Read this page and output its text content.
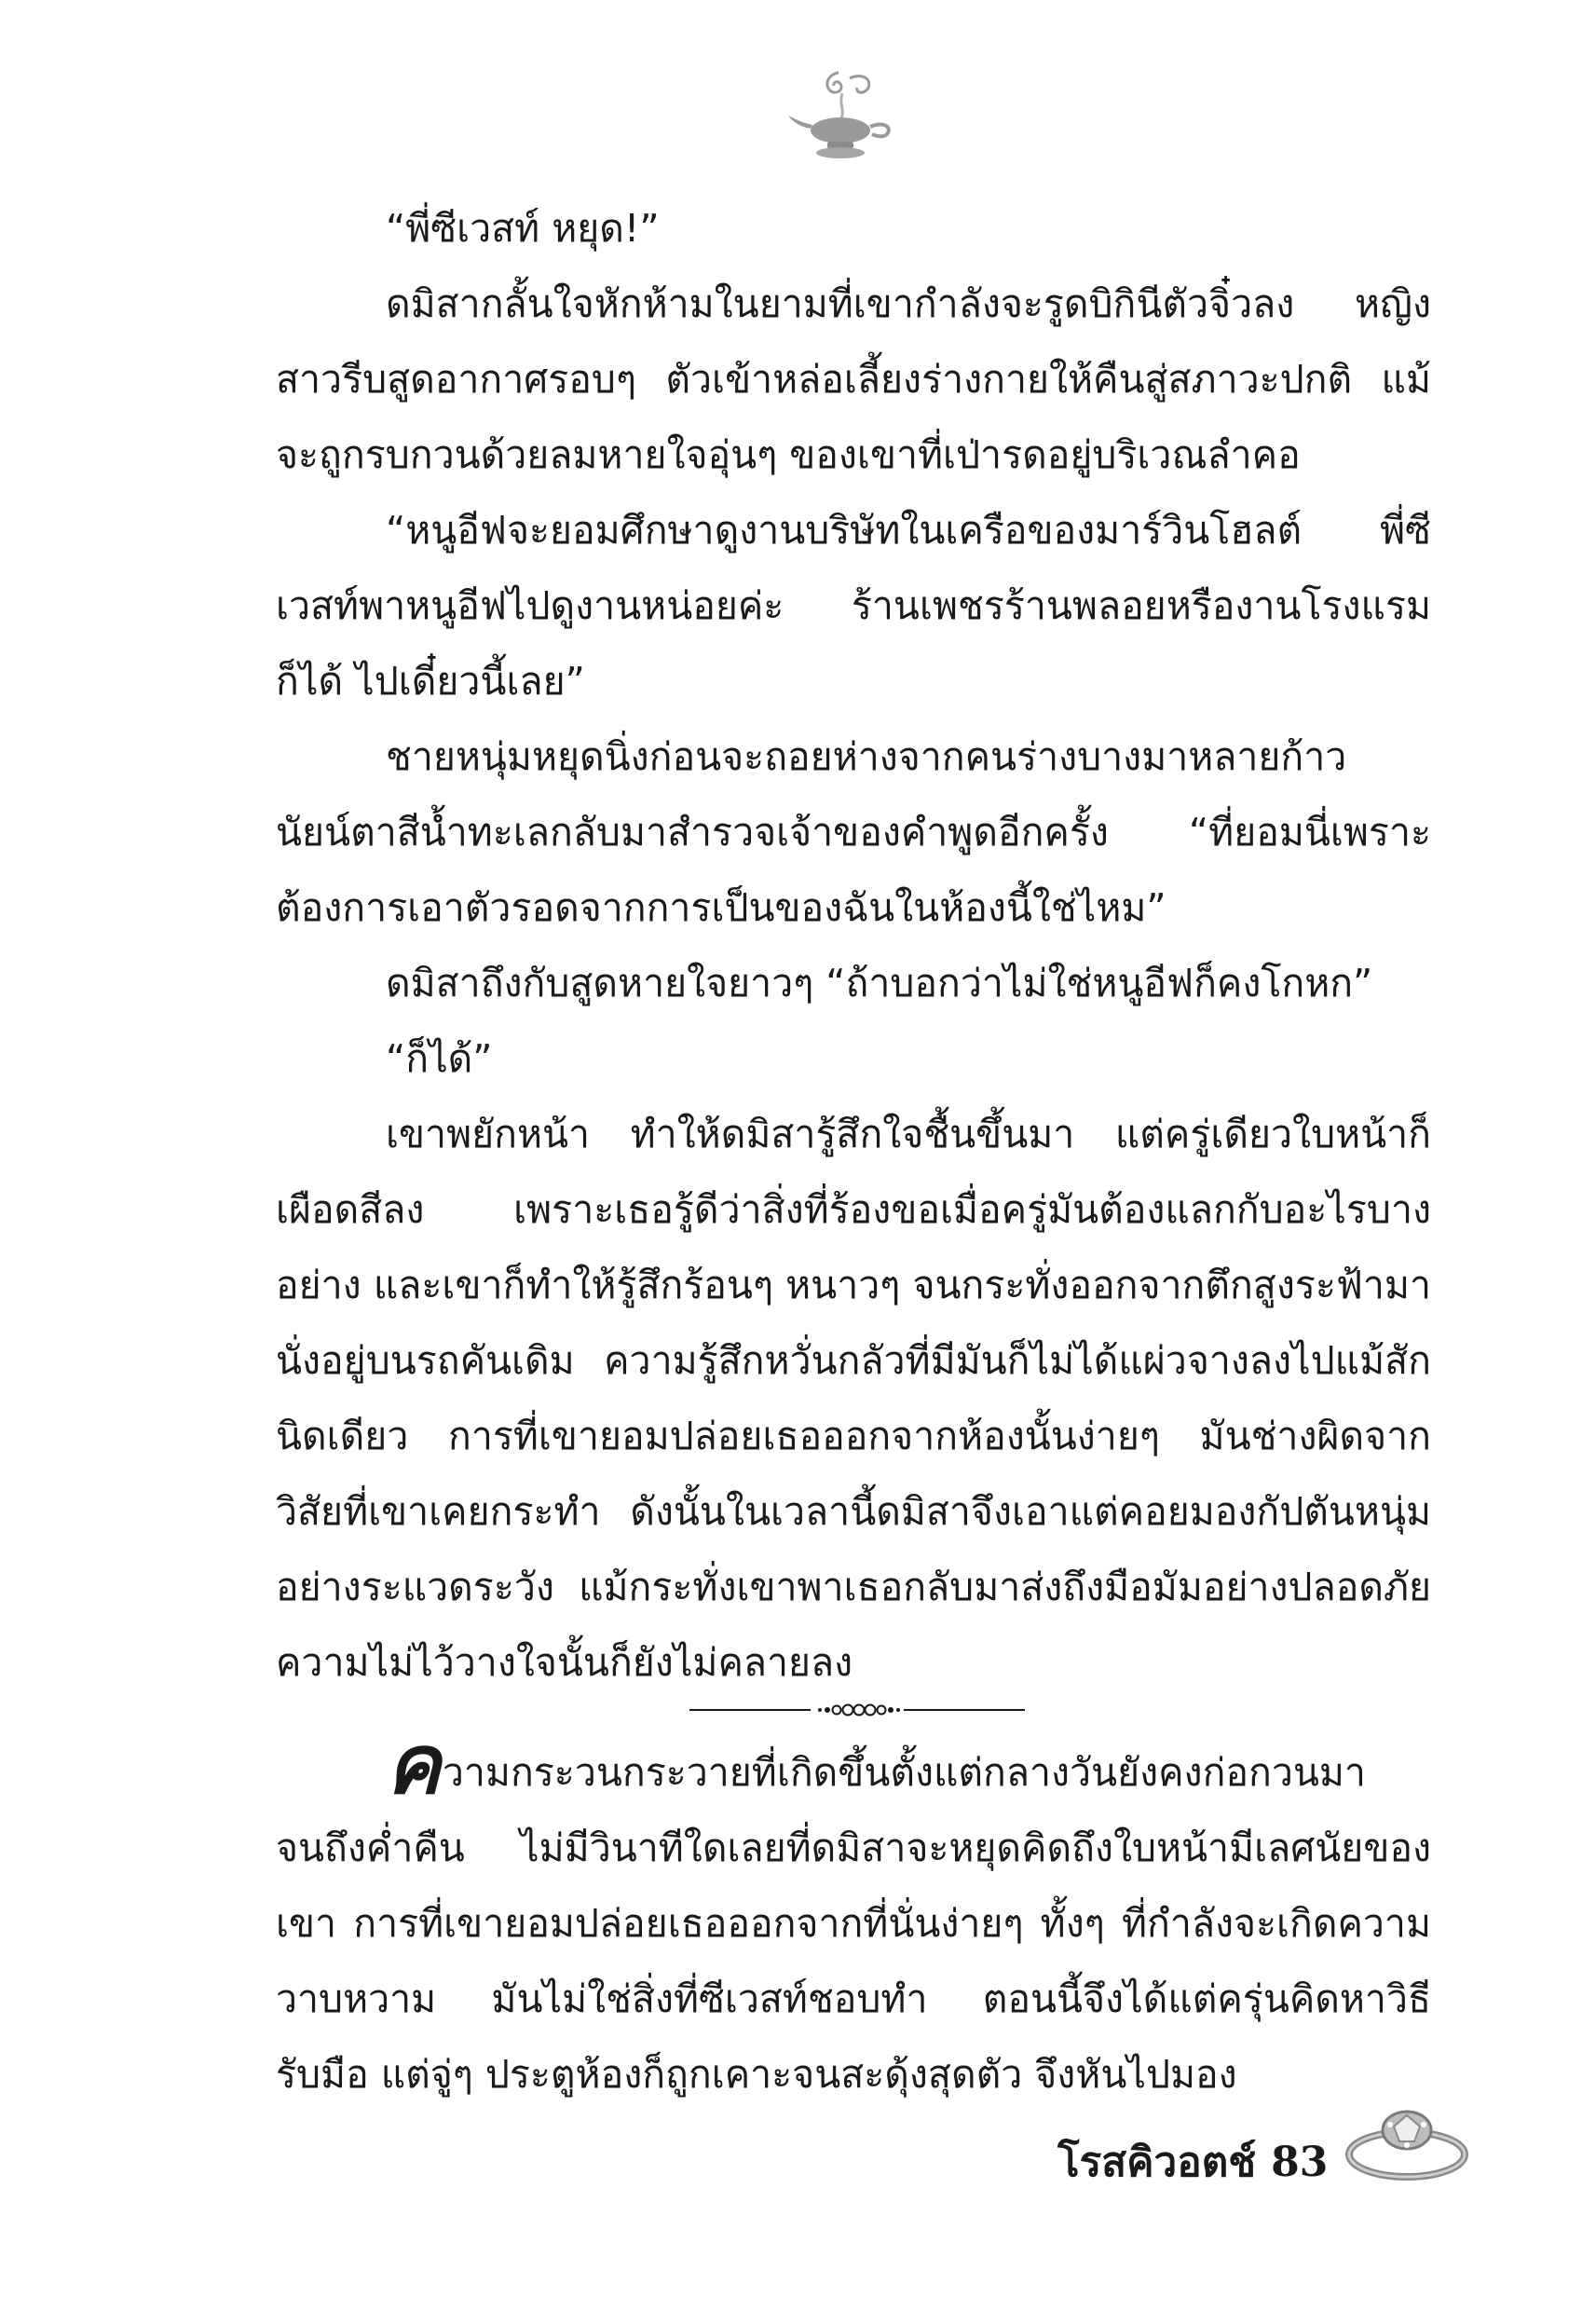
“พี่ซีเวสท์ หยุด!”

ดมิสากลั้นใจหักห้ามในยามที่เขากำลังจะรูดบิกินีตัวจิ๋วลง หญิงสาวรีบสูดอากาศรอบๆ ตัวเข้าหล่อเลี้ยงร่างกายให้คืนสู่สภาวะปกติ แม้จะถูกรบกวนด้วยลมหายใจอุ่นๆ ของเขาที่เป่ารดอยู่บริเวณลำคอ

“หนูอีฟจะยอมศึกษาดูงานบริษัทในเครือของมาร์วินโฮลต์ พี่ซีเวสท์พาหนูอีฟไปดูงานหน่อยค่ะ ร้านเพชรร้านพลอยหรืองานโรงแรมก็ได้ ไปเดี๋ยวนี้เลย”

ชายหนุ่มหยุดนิ่งก่อนจะถอยห่างจากคนร่างบางมาหลายก้าว นัยน์ตาสีน้ำทะเลกลับมาสำรวจเจ้าของคำพูดอีกครั้ง “ที่ยอมนี่เพราะต้องการเอาตัวรอดจากการเป็นของฉันในห้องนี้ใช่ไหม”

ดมิสาถึงกับสูดหายใจยาวๆ “ถ้าบอกว่าไม่ใช่หนูอีฟก็คงโกหก”

“ก็ได้”

เขาพยักหน้า ทำให้ดมิสารู้สึกใจชื้นขึ้นมา แต่ครู่เดียวใบหน้าก็เผือดสีลง เพราะเธอรู้ดีว่าสิ่งที่ร้องขอเมื่อครู่มันต้องแลกกับอะไรบางอย่าง และเขาก็ทำให้รู้สึกร้อนๆ หนาวๆ จนกระทั่งออกจากตึกสูงระฟ้ามานั่งอยู่บนรถคันเดิม ความรู้สึกหวั่นกลัวที่มีมันก็ไม่ได้แผ่วจางลงไปแม้สักนิดเดียว การที่เขายอมปล่อยเธอออกจากห้องนั้นง่ายๆ มันช่างผิดจากวิสัยที่เขาเคยกระทำ ดังนั้นในเวลานี้ดมิสาจึงเอาแต่คอยมองกัปตันหนุ่มอย่างระแวดระวัง แม้กระทั่งเขาพาเธอกลับมาส่งถึงมือมัมอย่างปลอดภัย ความไม่ไว้วางใจนั้นก็ยังไม่คลายลง

ความกระวนกระวายที่เกิดขึ้นตั้งแต่กลางวันยังคงก่อกวนมาจนถึงค่ำคืน ไม่มีวินาทีใดเลยที่ดมิสาจะหยุดคิดถึงใบหน้ามีเลศนัยของเขา การที่เขายอมปล่อยเธอออกจากที่นั่นง่ายๆ ทั้งๆ ที่กำลังจะเกิดความวาบหวาม มันไม่ใช่สิ่งที่ซีเวสท์ชอบทำ ตอนนี้จึงได้แต่ครุ่นคิดหาวิธีรับมือ แต่จู่ๆ ประตูห้องก็ถูกเคาะจนสะดุ้งสุดตัว จึงหันไปมอง

โรสคิวอตช์ 83
